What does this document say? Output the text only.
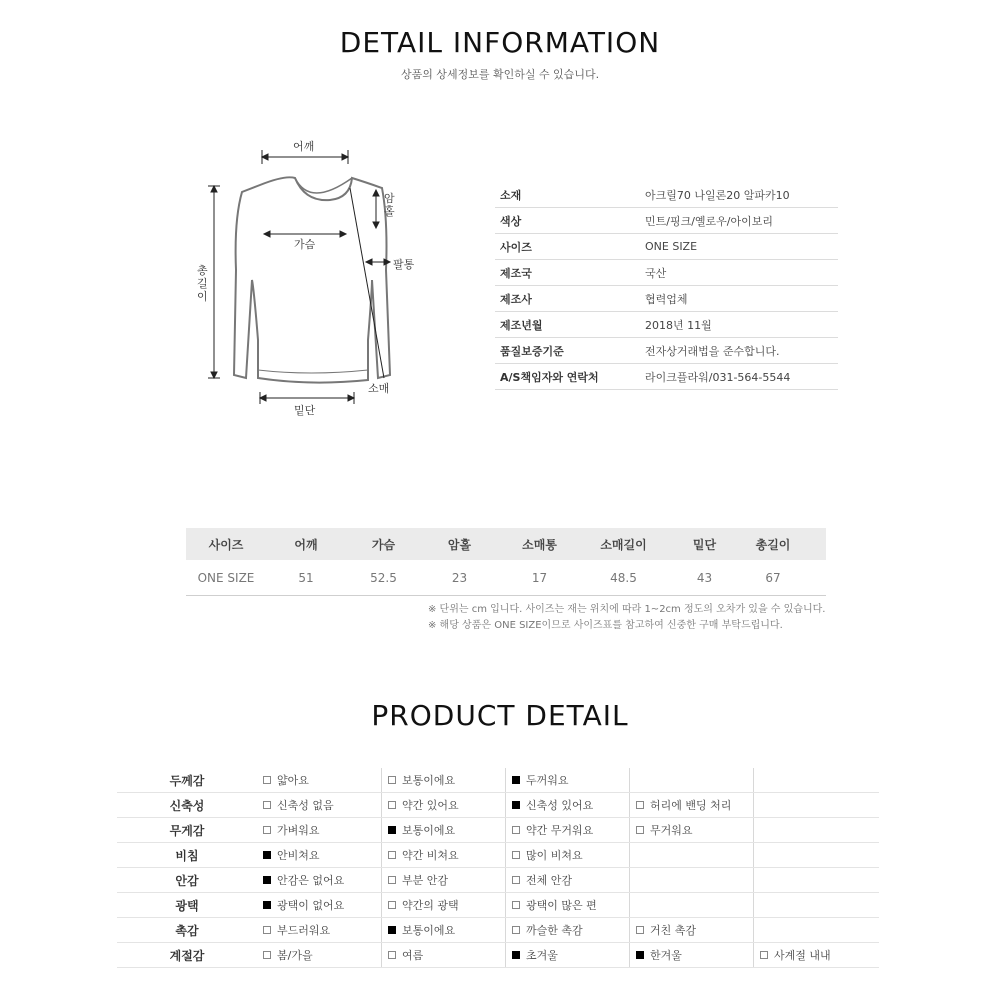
DETAIL INFORMATION
상품의 상세정보를 확인하실 수 있습니다.
어깨
암홀
가슴
팔통
총길이
소매
밑단
소재	아크릴70 나일론20 알파카10
색상	민트/핑크/옐로우/아이보리
사이즈	ONE SIZE
제조국	국산
제조사	협력업체
제조년월	2018년 11월
품질보증기준	전자상거래법을 준수합니다.
A/S책임자와 연락처	라이크플라워/031-564-5544
사이즈	어깨	가슴	암홀	소매통	소매길이	밑단	총길이
ONE SIZE	51	52.5	23	17	48.5	43	67
※ 단위는 cm 입니다. 사이즈는 재는 위치에 따라 1~2cm 정도의 오차가 있을 수 있습니다.
※ 해당 상품은 ONE SIZE이므로 사이즈표를 참고하여 신중한 구매 부탁드립니다.
PRODUCT DETAIL
두께감	얇아요	보통이에요	두꺼워요
신축성	신축성 없음	약간 있어요	신축성 있어요	허리에 밴딩 처리
무게감	가벼워요	보통이에요	약간 무거워요	무거워요
비침	안비쳐요	약간 비쳐요	많이 비쳐요
안감	안감은 없어요	부분 안감	전체 안감
광택	광택이 없어요	약간의 광택	광택이 많은 편
촉감	부드러워요	보통이에요	까슬한 촉감	거친 촉감
계절감	봄/가을	여름	초겨울	한겨울	사계절 내내
